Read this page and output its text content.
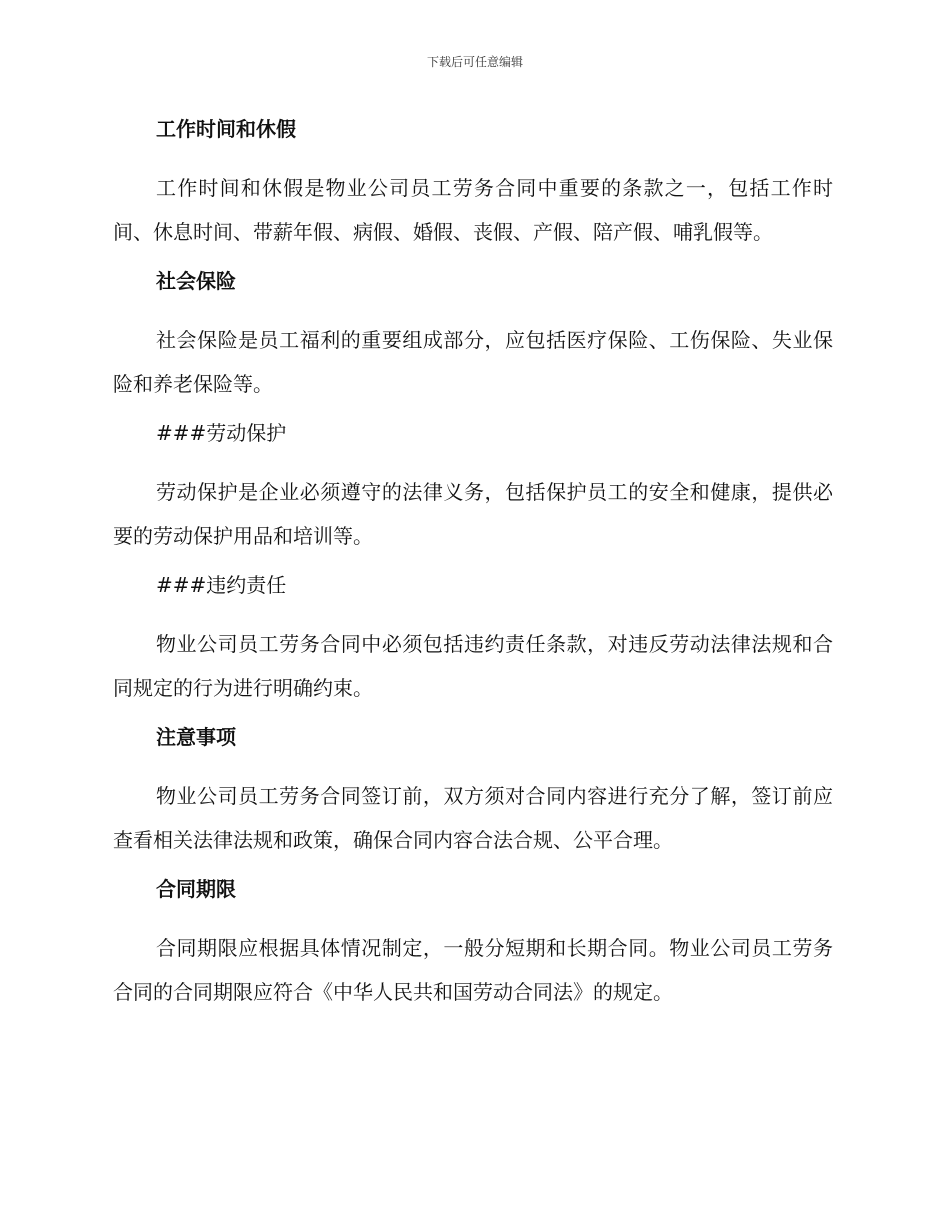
下载后可任意编辑
工作时间和休假
工作时间和休假是物业公司员工劳务合同中重要的条款之一，包括工作时间、休息时间、带薪年假、病假、婚假、丧假、产假、陪产假、哺乳假等。
社会保险
社会保险是员工福利的重要组成部分，应包括医疗保险、工伤保险、失业保险和养老保险等。
###劳动保护
劳动保护是企业必须遵守的法律义务，包括保护员工的安全和健康，提供必要的劳动保护用品和培训等。
###违约责任
物业公司员工劳务合同中必须包括违约责任条款，对违反劳动法律法规和合同规定的行为进行明确约束。
注意事项
物业公司员工劳务合同签订前，双方须对合同内容进行充分了解，签订前应查看相关法律法规和政策，确保合同内容合法合规、公平合理。
合同期限
合同期限应根据具体情况制定，一般分短期和长期合同。物业公司员工劳务合同的合同期限应符合《中华人民共和国劳动合同法》的规定。
